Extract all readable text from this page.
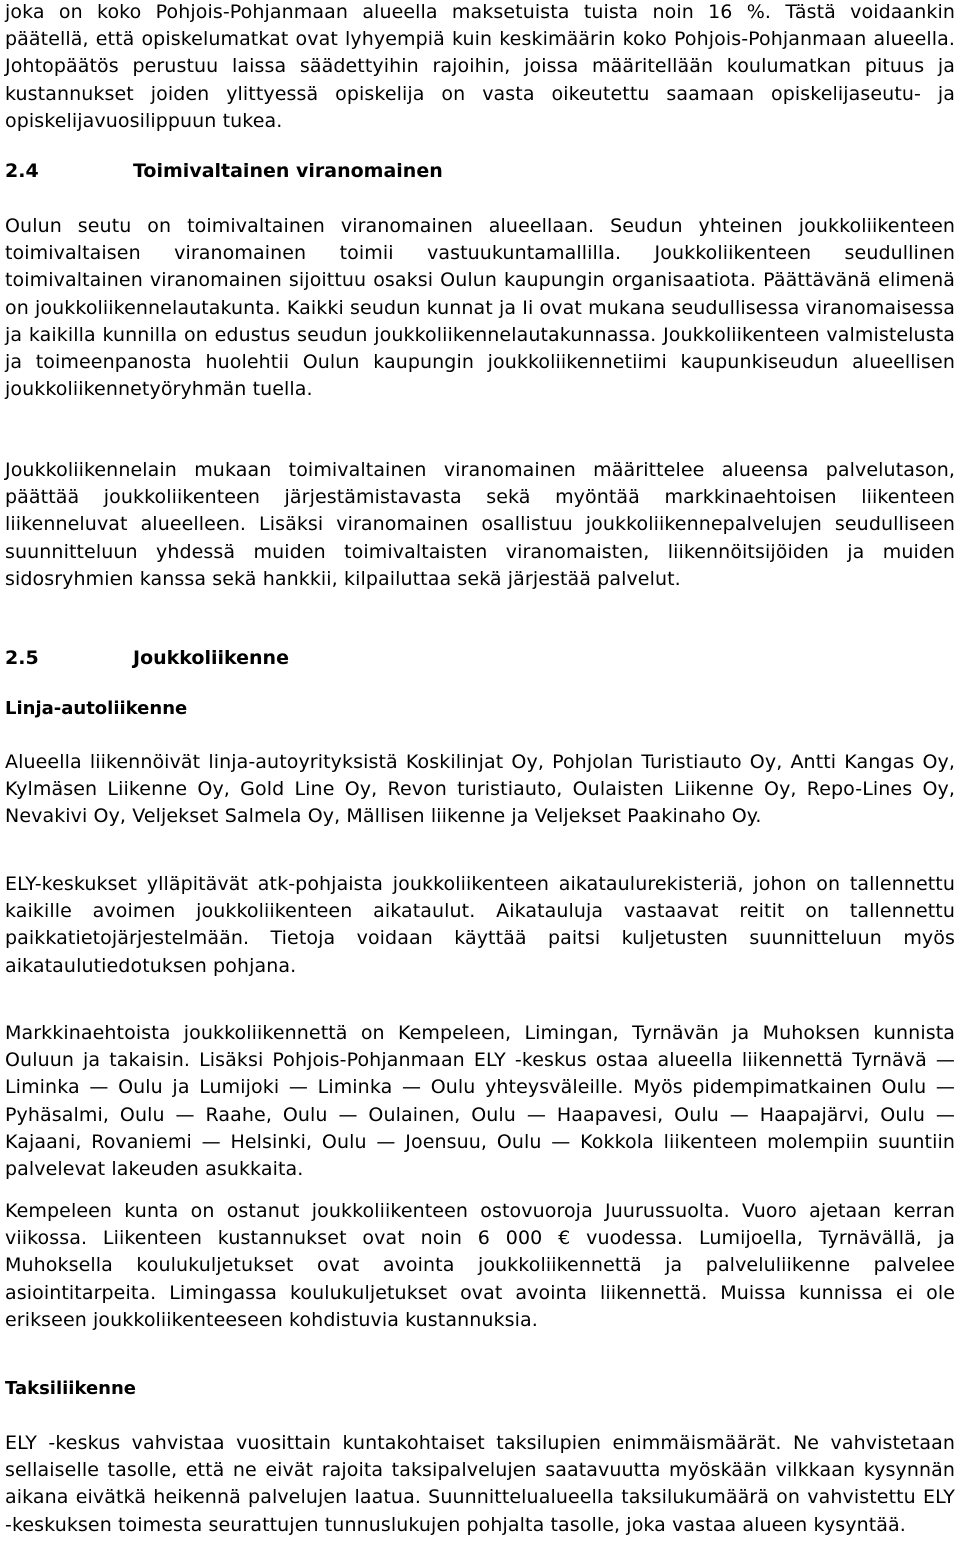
joka on koko Pohjois-Pohjanmaan alueella maksetuista tuista noin 16 %. Tästä voidaankin päätellä, että opiskelumatkat ovat lyhyempiä kuin keskimäärin koko Pohjois-Pohjanmaan alueella. Johtopäätös perustuu laissa säädettyihin rajoihin, joissa määritellään koulumatkan pituus ja kustannukset joiden ylittyessä opiskelija on vasta oikeutettu saamaan opiskelijaseutu- ja opiskelijavuosilippuun tukea.

2.4	Toimivaltainen viranomainen

Oulun seutu on toimivaltainen viranomainen alueellaan. Seudun yhteinen joukkoliikenteen toimivaltaisen viranomainen toimii vastuukuntamallilla. Joukkoliikenteen seudullinen toimivaltainen viranomainen sijoittuu osaksi Oulun kaupungin organisaatiota. Päättävänä elimenä on joukkoliikennelautakunta. Kaikki seudun kunnat ja Ii ovat mukana seudullisessa viranomaisessa ja kaikilla kunnilla on edustus seudun joukkoliikennelautakunnassa. Joukkoliikenteen valmistelusta ja toimeenpanosta huolehtii Oulun kaupungin joukkoliikennetiimi kaupunkiseudun alueellisen joukkoliikennetyöryhmän tuella.

Joukkoliikennelain mukaan toimivaltainen viranomainen määrittelee alueensa palvelutason, päättää joukkoliikenteen järjestämistavasta sekä myöntää markkinaehtoisen liikenteen liikenneluvat alueelleen. Lisäksi viranomainen osallistuu joukkoliikennepalvelujen seudulliseen suunnitteluun yhdessä muiden toimivaltaisten viranomaisten, liikennöitsijöiden ja muiden sidosryhmien kanssa sekä hankkii, kilpailuttaa sekä järjestää palvelut.

2.5	Joukkoliikenne
Linja-autoliikenne

Alueella liikennöivät linja-autoyrityksistä Koskilinjat Oy, Pohjolan Turistiauto Oy, Antti Kangas Oy, Kylmäsen Liikenne Oy, Gold Line Oy, Revon turistiauto, Oulaisten Liikenne Oy, Repo-Lines Oy, Nevakivi Oy, Veljekset Salmela Oy, Mällisen liikenne ja Veljekset Paakinaho Oy.

ELY-keskukset ylläpitävät atk-pohjaista joukkoliikenteen aikataulurekisteriä, johon on tallennettu kaikille avoimen joukkoliikenteen aikataulut. Aikatauluja vastaavat reitit on tallennettu paikkatietojärjestelmään. Tietoja voidaan käyttää paitsi kuljetusten suunnitteluun myös aikataulutiedotuksen pohjana.

Markkinaehtoista joukkoliikennettä on Kempeleen, Limingan, Tyrnävän ja Muhoksen kunnista Ouluun ja takaisin. Lisäksi Pohjois-Pohjanmaan ELY -keskus ostaa alueella liikennettä Tyrnävä — Liminka — Oulu ja Lumijoki — Liminka — Oulu yhteysväleille. Myös pidempimatkainen Oulu — Pyhäsalmi, Oulu — Raahe, Oulu — Oulainen, Oulu — Haapavesi, Oulu — Haapajärvi, Oulu — Kajaani, Rovaniemi — Helsinki, Oulu — Joensuu, Oulu — Kokkola liikenteen molempiin suuntiin palvelevat lakeuden asukkaita.

Kempeleen kunta on ostanut joukkoliikenteen ostovuoroja Juurussuolta. Vuoro ajetaan kerran viikossa. Liikenteen kustannukset ovat noin 6 000 € vuodessa. Lumijoella, Tyrnävällä, ja Muhoksella koulukuljetukset ovat avointa joukkoliikennettä ja palveluliikenne palvelee asiointitarpeita. Limingassa koulukuljetukset ovat avointa liikennettä. Muissa kunnissa ei ole erikseen joukkoliikenteeseen kohdistuvia kustannuksia.

Taksiliikenne

ELY -keskus vahvistaa vuosittain kuntakohtaiset taksilupien enimmäismäärät. Ne vahvistetaan sellaiselle tasolle, että ne eivät rajoita taksipalvelujen saatavuutta myöskään vilkkaan kysynnän aikana eivätkä heikennä palvelujen laatua. Suunnittelualueella taksilukumäärä on vahvistettu ELY -keskuksen toimesta seurattujen tunnuslukujen pohjalta tasolle, joka vastaa alueen kysyntää.
